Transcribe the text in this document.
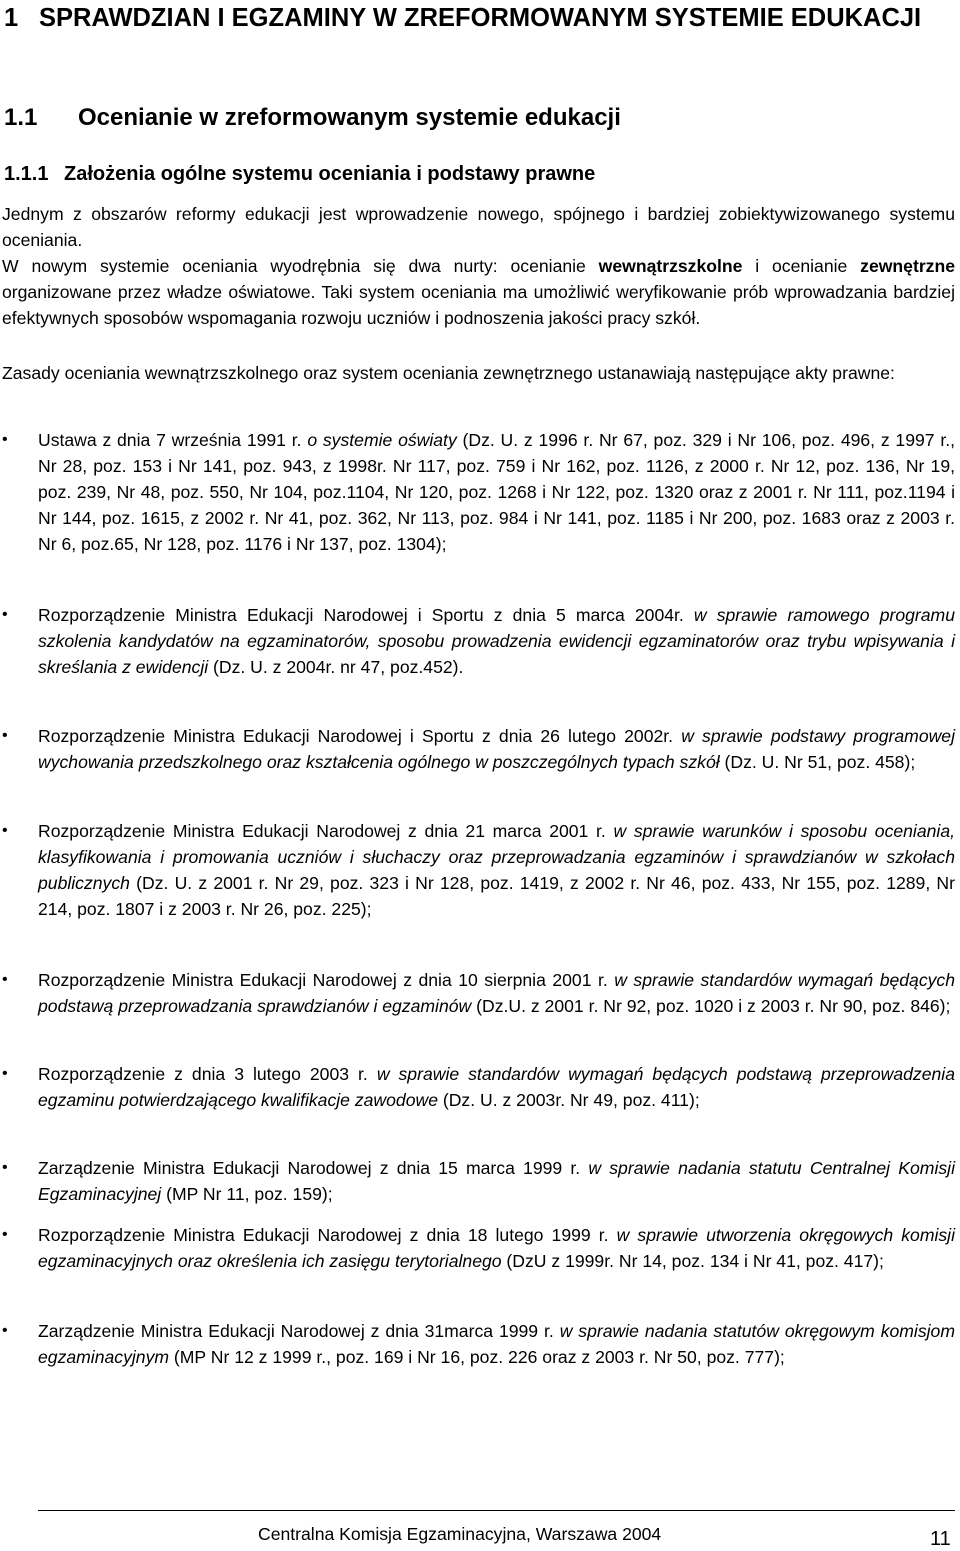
1 SPRAWDZIAN I EGZAMINY W ZREFORMOWANYM SYSTEMIE EDUKACJI
1.1 Ocenianie w zreformowanym systemie edukacji
1.1.1 Założenia ogólne systemu oceniania i podstawy prawne

Jednym z obszarów reformy edukacji jest wprowadzenie nowego, spójnego i bardziej zobiektywizowanego systemu oceniania.

W nowym systemie oceniania wyodrębnia się dwa nurty: ocenianie wewnątrzszkolne i ocenianie zewnętrzne organizowane przez władze oświatowe. Taki system oceniania ma umożliwić weryfikowanie prób wprowadzania bardziej efektywnych sposobów wspomagania rozwoju uczniów i podnoszenia jakości pracy szkół.

Zasady oceniania wewnątrzszkolnego oraz system oceniania zewnętrznego ustanawiają następujące akty prawne:

•	Ustawa z dnia 7 września 1991 r. o systemie oświaty (Dz. U. z 1996 r. Nr 67, poz. 329 i Nr 106, poz. 496, z 1997 r., Nr 28, poz. 153 i Nr 141, poz. 943, z 1998r. Nr 117, poz. 759 i Nr 162, poz. 1126, z 2000 r. Nr 12, poz. 136, Nr 19, poz. 239, Nr 48, poz. 550, Nr 104, poz.1104, Nr 120, poz. 1268 i Nr 122, poz. 1320 oraz z 2001 r. Nr 111, poz.1194 i Nr 144, poz. 1615, z 2002 r. Nr 41, poz. 362, Nr 113, poz. 984 i Nr 141, poz. 1185 i Nr 200, poz. 1683 oraz z 2003 r. Nr 6, poz.65, Nr 128, poz. 1176 i Nr 137, poz. 1304);
•	Rozporządzenie Ministra Edukacji Narodowej i Sportu z dnia 5 marca 2004r. w sprawie ramowego programu szkolenia kandydatów na egzaminatorów, sposobu prowadzenia ewidencji egzaminatorów oraz trybu wpisywania i skreślania z ewidencji (Dz. U. z 2004r. nr 47, poz.452).
•	Rozporządzenie Ministra Edukacji Narodowej i Sportu z dnia 26 lutego 2002r. w sprawie podstawy programowej wychowania przedszkolnego oraz kształcenia ogólnego w poszczególnych typach szkół (Dz. U. Nr 51, poz. 458);
•	Rozporządzenie Ministra Edukacji Narodowej z dnia 21 marca 2001 r. w sprawie warunków i sposobu oceniania, klasyfikowania i promowania uczniów i słuchaczy oraz przeprowadzania egzaminów i sprawdzianów w szkołach publicznych (Dz. U. z 2001 r. Nr 29, poz. 323 i Nr 128, poz. 1419, z 2002 r. Nr 46, poz. 433, Nr 155, poz. 1289, Nr 214, poz. 1807 i z 2003 r. Nr 26, poz. 225);
•	Rozporządzenie Ministra Edukacji Narodowej z dnia 10 sierpnia 2001 r. w sprawie standardów wymagań będących podstawą przeprowadzania sprawdzianów i egzaminów (Dz.U. z 2001 r. Nr 92, poz. 1020 i z 2003 r. Nr 90, poz. 846);
•	Rozporządzenie z dnia 3 lutego 2003 r. w sprawie standardów wymagań będących podstawą przeprowadzenia egzaminu potwierdzającego kwalifikacje zawodowe (Dz. U. z 2003r. Nr 49, poz. 411);
•	Zarządzenie Ministra Edukacji Narodowej z dnia 15 marca 1999 r. w sprawie nadania statutu Centralnej Komisji Egzaminacyjnej (MP Nr 11, poz. 159);
•	Rozporządzenie Ministra Edukacji Narodowej z dnia 18 lutego 1999 r. w sprawie utworzenia okręgowych komisji egzaminacyjnych oraz określenia ich zasięgu terytorialnego (DzU z 1999r. Nr 14, poz. 134 i Nr 41, poz. 417);
•	Zarządzenie Ministra Edukacji Narodowej z dnia 31marca 1999 r. w sprawie nadania statutów okręgowym komisjom egzaminacyjnym (MP Nr 12 z 1999 r., poz. 169 i Nr 16, poz. 226 oraz z 2003 r. Nr 50, poz. 777);
Centralna Komisja Egzaminacyjna, Warszawa 2004	11
